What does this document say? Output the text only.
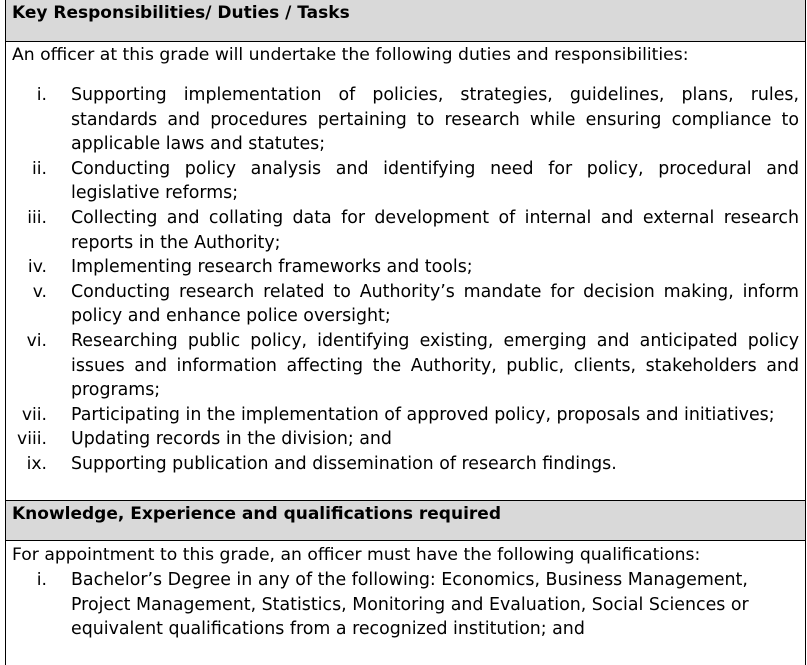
Key Responsibilities/ Duties / Tasks
An officer at this grade will undertake the following duties and responsibilities:
i. Supporting implementation of policies, strategies, guidelines, plans, rules, standards and procedures pertaining to research while ensuring compliance to applicable laws and statutes;
ii. Conducting policy analysis and identifying need for policy, procedural and legislative reforms;
iii. Collecting and collating data for development of internal and external research reports in the Authority;
iv. Implementing research frameworks and tools;
v. Conducting research related to Authority’s mandate for decision making, inform policy and enhance police oversight;
vi. Researching public policy, identifying existing, emerging and anticipated policy issues and information affecting the Authority, public, clients, stakeholders and programs;
vii. Participating in the implementation of approved policy, proposals and initiatives;
viii. Updating records in the division; and
ix. Supporting publication and dissemination of research findings.
Knowledge, Experience and qualifications required
For appointment to this grade, an officer must have the following qualifications:
i. Bachelor’s Degree in any of the following: Economics, Business Management, Project Management, Statistics, Monitoring and Evaluation, Social Sciences or equivalent qualifications from a recognized institution; and
